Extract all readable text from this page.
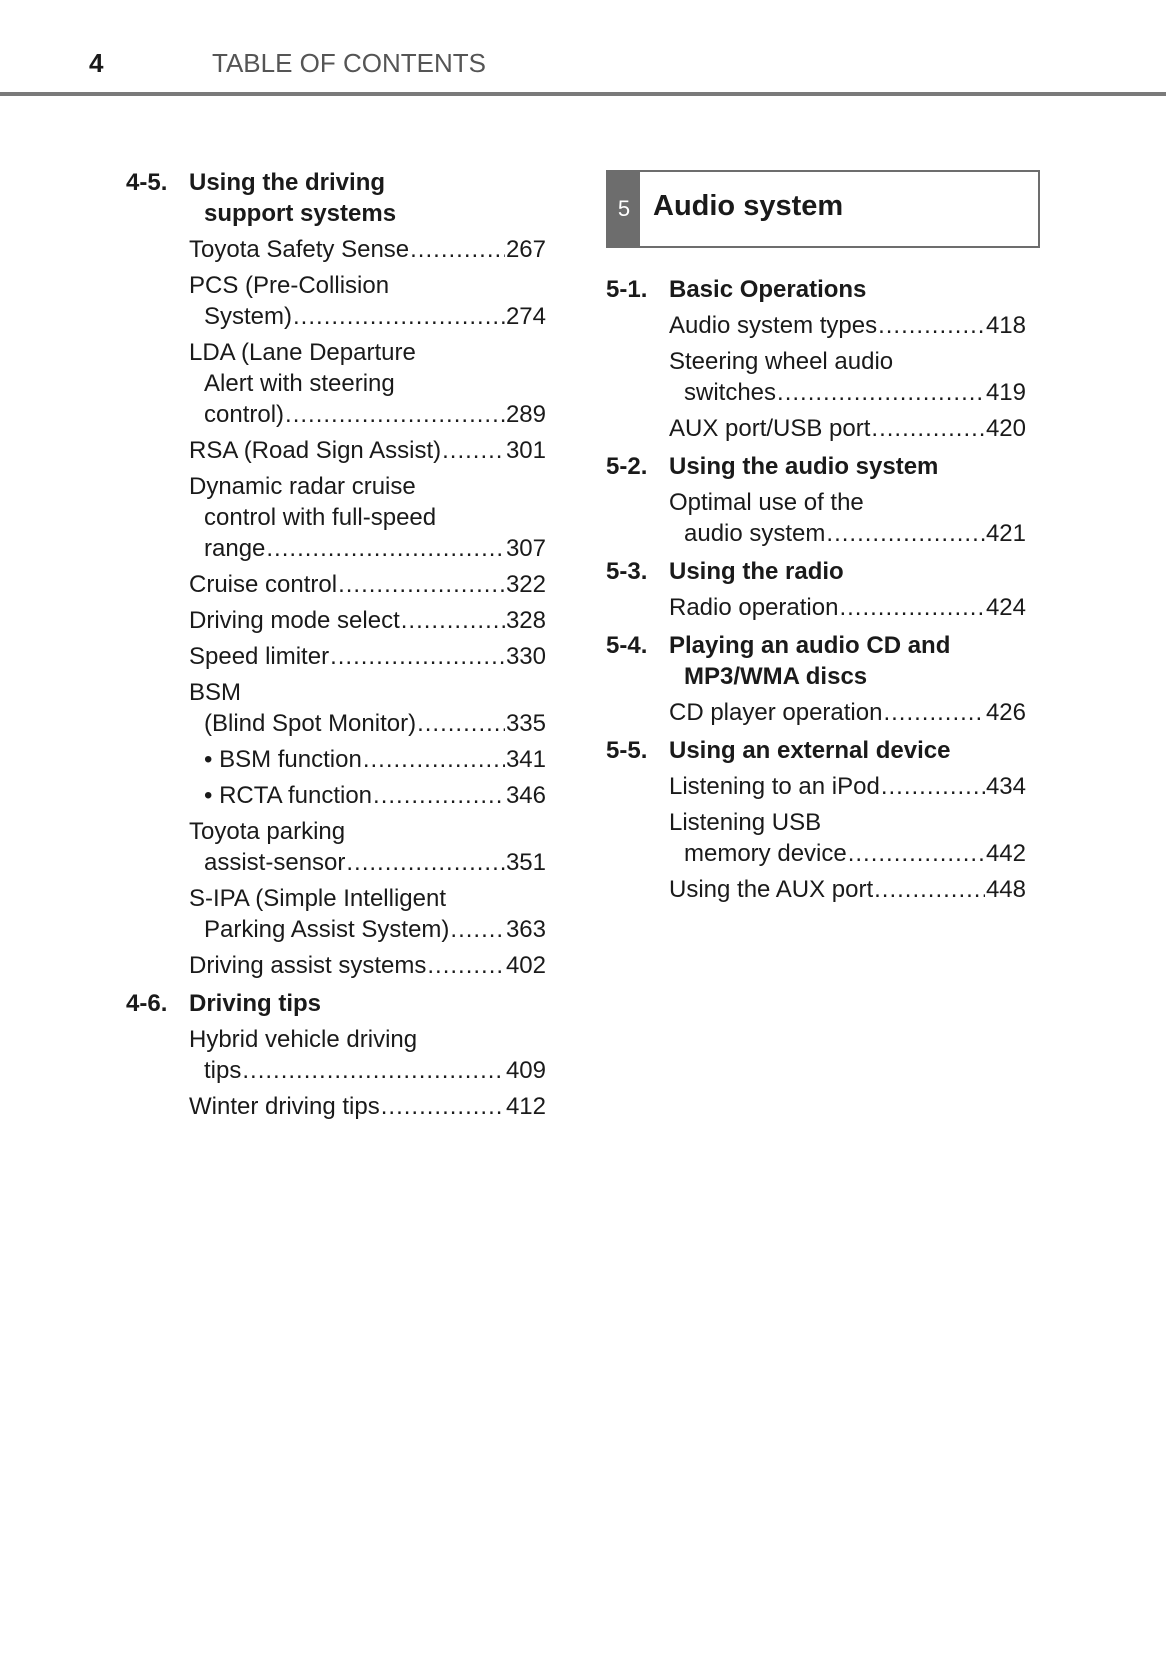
4	TABLE OF CONTENTS
4-5. Using the driving
support systems
Toyota Safety Sense .....	267
PCS (Pre-Collision
System) .....	274
LDA (Lane Departure
Alert with steering
control) .....	289
RSA (Road Sign Assist) .....	301
Dynamic radar cruise
control with full-speed
range .....	307
Cruise control .....	322
Driving mode select .....	328
Speed limiter .....	330
BSM
(Blind Spot Monitor) .....	335
• BSM function .....	341
• RCTA function .....	346
Toyota parking
assist-sensor .....	351
S-IPA (Simple Intelligent
Parking Assist System) ..... 363
Driving assist systems .....	402
4-6. Driving tips
Hybrid vehicle driving
tips .....	409
Winter driving tips .....	412
5 Audio system
5-1. Basic Operations
Audio system types .....	418
Steering wheel audio
switches .....	419
AUX port/USB port .....	420
5-2. Using the audio system
Optimal use of the
audio system .....	421
5-3. Using the radio
Radio operation .....	424
5-4. Playing an audio CD and
MP3/WMA discs
CD player operation .....	426
5-5. Using an external device
Listening to an iPod .....	434
Listening USB
memory device .....	442
Using the AUX port .....	448
